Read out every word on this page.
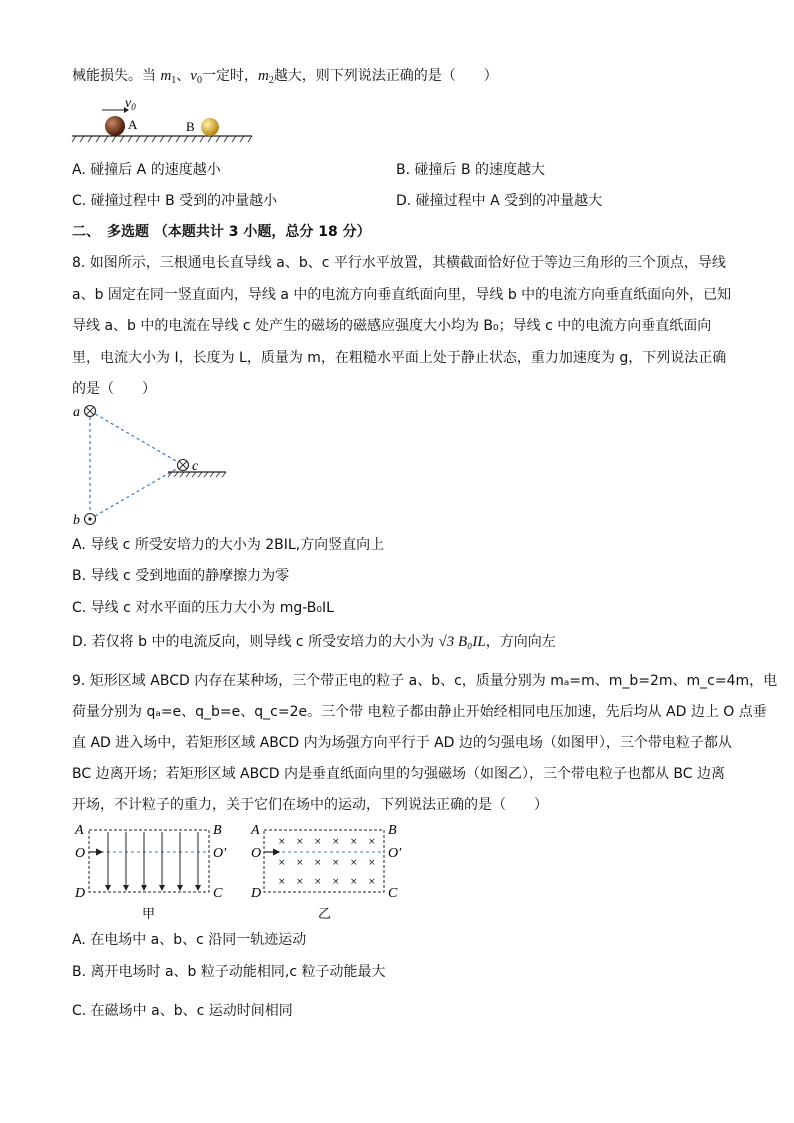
械能损失。当 $m_1$、$v_0$一定时，$m_2$越大，则下列说法正确的是（　　）
$v_0$
A	B
A. 碰撞后 A 的速度越小	B. 碰撞后 B 的速度越大
C. 碰撞过程中 B 受到的冲量越小	D. 碰撞过程中 A 受到的冲量越大
二、　多选题 （本题共计 3 小题，总分 18 分）
8. 如图所示，三根通电长直导线 a、b、c 平行水平放置，其横截面恰好位于等边三角形的三个顶点，导线
a、b 固定在同一竖直面内，导线 a 中的电流方向垂直纸面向里，导线 b 中的电流方向垂直纸面向外，已知
导线 a、b 中的电流在导线 c 处产生的磁场的磁感应强度大小均为 B₀；导线 c 中的电流方向垂直纸面向
里，电流大小为 I，长度为 L，质量为 m，在粗糙水平面上处于静止状态，重力加速度为 g，下列说法正确
的是（　　）
a
b
c
A. 导线 c 所受安培力的大小为 2BIL,方向竖直向上
B. 导线 c 受到地面的静摩擦力为零
C. 导线 c 对水平面的压力大小为 mg-B₀IL
D. 若仅将 b 中的电流反向，则导线 c 所受安培力的大小为 √3 B₀IL，方向向左
9. 矩形区域 ABCD 内存在某种场，三个带正电的粒子 a、b、c，质量分别为 mₐ=m、m_b=2m、m_c=4m，电
荷量分别为 qₐ=e、q_b=e、q_c=2e。三个带 电粒子都由静止开始经相同电压加速，先后均从 AD 边上 O 点垂
直 AD 进入场中，若矩形区域 ABCD 内为场强方向平行于 AD 边的匀强电场（如图甲），三个带电粒子都从
BC 边离开场；若矩形区域 ABCD 内是垂直纸面向里的匀强磁场（如图乙），三个带电粒子也都从 BC 边离
开场，不计粒子的重力，关于它们在场中的运动，下列说法正确的是（　　）
A	B
O	O′
D	C
甲
× × × × × ×
× × × × × ×
× × × × × ×
A	B
O	O′
D	C
乙
A. 在电场中 a、b、c 沿同一轨迹运动
B. 离开电场时 a、b 粒子动能相同,c 粒子动能最大
C. 在磁场中 a、b、c 运动时间相同
